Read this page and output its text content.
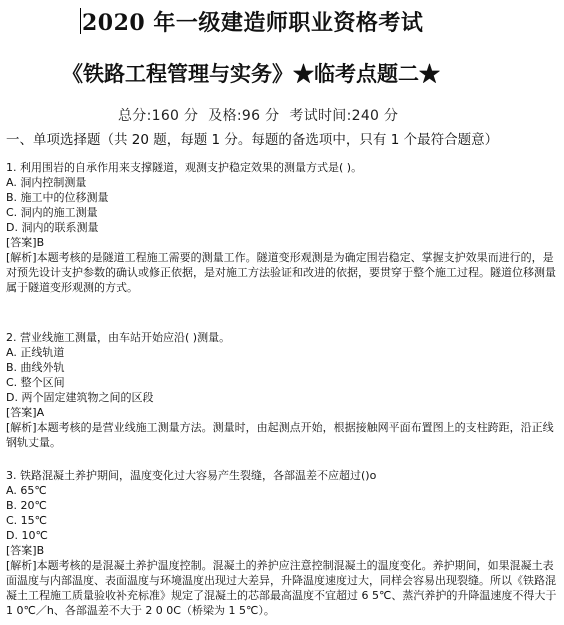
2020 年一级建造师职业资格考试
《铁路工程管理与实务》★临考点题二★
总分:160 分 及格:96 分 考试时间:240 分
一、单项选择题（共 20 题，每题 1 分。每题的备选项中，只有 1 个最符合题意）
1. 利用围岩的自承作用来支撑隧道，观测支护稳定效果的测量方式是( )。
A. 洞内控制测量
B. 施工中的位移测量
C. 洞内的施工测量
D. 洞内的联系测量
[答案]B
[解析]本题考核的是隧道工程施工需要的测量工作。隧道变形观测是为确定围岩稳定、掌握支护效果而进行的，是对预先设计支护参数的确认或修正依据，是对施工方法验证和改进的依据，要贯穿于整个施工过程。隧道位移测量属于隧道变形观测的方式。
2. 营业线施工测量，由车站开始应沿( )测量。
A. 正线轨道
B. 曲线外轨
C. 整个区间
D. 两个固定建筑物之间的区段
[答案]A
[解析]本题考核的是营业线施工测量方法。测量时，由起测点开始，根据接触网平面布置图上的支柱跨距，沿正线钢轨丈量。
3. 铁路混凝土养护期间，温度变化过大容易产生裂缝，各部温差不应超过()o
A. 65℃
B. 20℃
C. 15℃
D. 10℃
[答案]B
[解析]本题考核的是混凝土养护温度控制。混凝土的养护应注意控制混凝土的温度变化。养护期间，如果混凝土表面温度与内部温度、表面温度与环境温度出现过大差异，升降温度速度过大，同样会容易出现裂缝。所以《铁路混凝土工程施工质量验收补充标准》规定了混凝土的芯部最高温度不宜超过 6 5℃、蒸汽养护的升降温速度不得大于 1 0℃／h、各部温差不大于 2 0 0C（桥梁为 1 5℃）。
